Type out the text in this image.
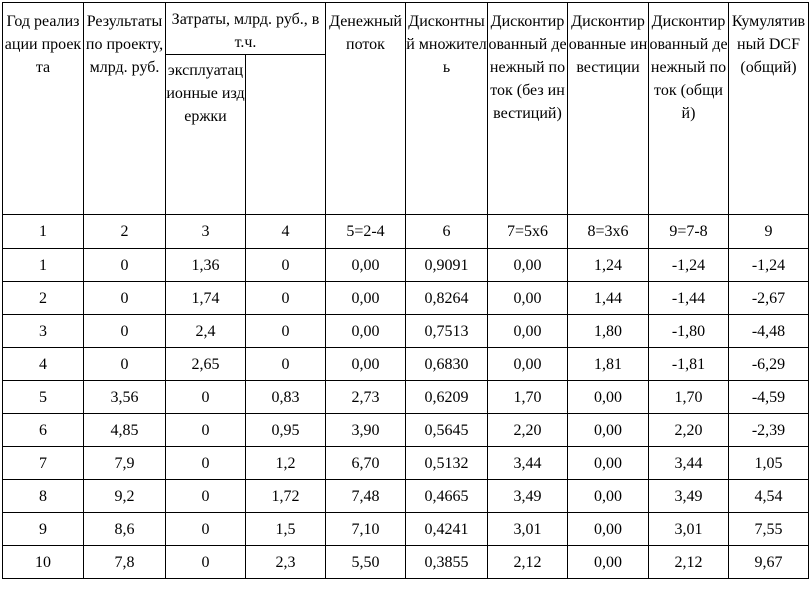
Год реализации проекта	Результаты по проекту, млрд. руб.	Затраты, млрд. руб., в т.ч.		Денежный поток	Дисконтный множитель	Дисконтированный денежный поток (без инвестиций)	Дисконтированные инвестиции	Дисконтированный денежный поток (общий)	Кумулятивный DCF (общий)
		эксплуатационные издержки							
1	2	3	4	5=2-4	6	7=5х6	8=3х6	9=7-8	9
1	0	1,36	0	0,00	0,9091	0,00	1,24	-1,24	-1,24
2	0	1,74	0	0,00	0,8264	0,00	1,44	-1,44	-2,67
3	0	2,4	0	0,00	0,7513	0,00	1,80	-1,80	-4,48
4	0	2,65	0	0,00	0,6830	0,00	1,81	-1,81	-6,29
5	3,56	0	0,83	2,73	0,6209	1,70	0,00	1,70	-4,59
6	4,85	0	0,95	3,90	0,5645	2,20	0,00	2,20	-2,39
7	7,9	0	1,2	6,70	0,5132	3,44	0,00	3,44	1,05
8	9,2	0	1,72	7,48	0,4665	3,49	0,00	3,49	4,54
9	8,6	0	1,5	7,10	0,4241	3,01	0,00	3,01	7,55
10	7,8	0	2,3	5,50	0,3855	2,12	0,00	2,12	9,67
